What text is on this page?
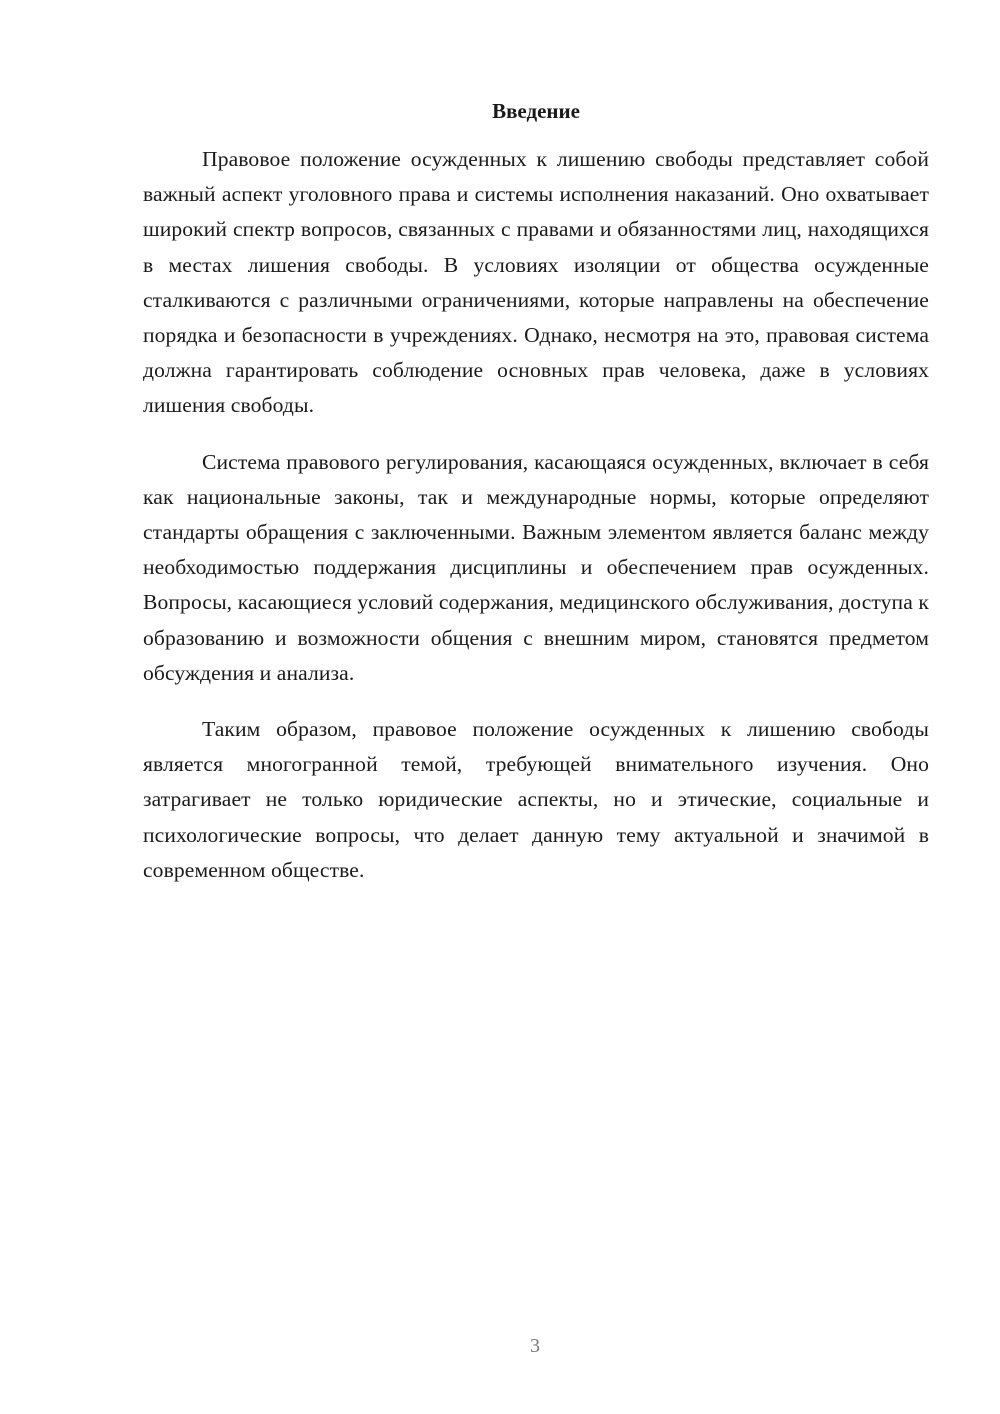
Введение

Правовое положение осужденных к лишению свободы представляет собой важный аспект уголовного права и системы исполнения наказаний. Оно охватывает широкий спектр вопросов, связанных с правами и обязанностями лиц, находящихся в местах лишения свободы. В условиях изоляции от общества осужденные сталкиваются с различными ограничениями, которые направлены на обеспечение порядка и безопасности в учреждениях. Однако, несмотря на это, правовая система должна гарантировать соблюдение основных прав человека, даже в условиях лишения свободы.

Система правового регулирования, касающаяся осужденных, включает в себя как национальные законы, так и международные нормы, которые определяют стандарты обращения с заключенными. Важным элементом является баланс между необходимостью поддержания дисциплины и обеспечением прав осужденных. Вопросы, касающиеся условий содержания, медицинского обслуживания, доступа к образованию и возможности общения с внешним миром, становятся предметом обсуждения и анализа.

Таким образом, правовое положение осужденных к лишению свободы является многогранной темой, требующей внимательного изучения. Оно затрагивает не только юридические аспекты, но и этические, социальные и психологические вопросы, что делает данную тему актуальной и значимой в современном обществе.

3
